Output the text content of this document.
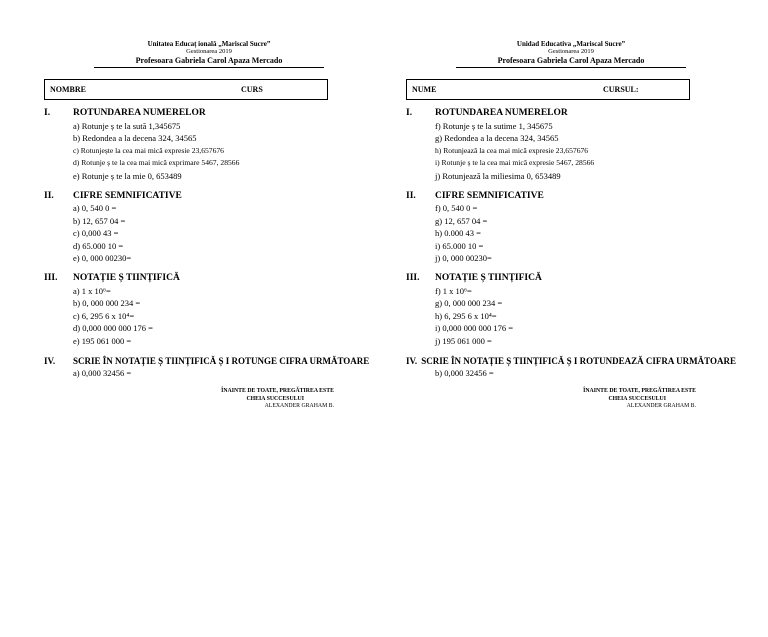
Unitatea Educaț ională „Mariscal Sucre”
Gestionarea 2019
Profesoara Gabriela Carol Apaza Mercado
NOMBRE	CURS
I.	ROTUNDAREA NUMERELOR
a) Rotunje ș te la sută 1,345675
b) Redondea a la decena 324, 34565
c) Rotunjește la cea mai mică expresie 23,657676
d) Rotunje ș te la cea mai mică exprimare 5467, 28566
e) Rotunje ș te la mie 0, 653489
II.	CIFRE SEMNIFICATIVE
a) 0, 540 0 =
b) 12, 657 04 =
c) 0,000 43 =
d) 65.000 10 =
e) 0, 000 00230=
III.	NOTAȚIE Ș TIINȚIFICĂ
a) 1 x 10⁶=
b) 0, 000 000 234 =
c) 6, 295 6 x 10⁴=
d) 0,000 000 000 176 =
e) 195 061 000 =
IV.	SCRIE ÎN NOTAȚIE Ș TIINȚIFICĂ Ș I ROTUNGE CIFRA URMĂTOARE
a) 0,000 32456 =
ÎNAINTE DE TOATE, PREGĂTIREA ESTE
CHEIA SUCCESULUI
ALEXANDER GRAHAM B.
Unidad Educativa „Mariscal Sucre”
Gestionarea 2019
Profesoara Gabriela Carol Apaza Mercado
NUME	CURSUL:
I.	ROTUNDAREA NUMERELOR
f) Rotunje ș te la sutime 1, 345675
g) Redondea a la decena 324, 34565
h) Rotunjează la cea mai mică expresie 23,657676
i) Rotunje ș te la cea mai mică expresie 5467, 28566
j) Rotunjează la miliesima 0, 653489
II.	CIFRE SEMNIFICATIVE
f) 0, 540 0 =
g) 12, 657 04 =
h) 0.000 43 =
i) 65.000 10 =
j) 0, 000 00230=
III.	NOTAȚIE Ș TIINȚIFICĂ
f) 1 x 10⁶=
g) 0, 000 000 234 =
h) 6, 295 6 x 10⁴=
i) 0,000 000 000 176 =
j) 195 061 000 =
IV. SCRIE ÎN NOTAȚIE Ș TIINȚIFICĂ Ș I ROTUNDEAZĂ CIFRA URMĂTOARE
b) 0,000 32456 =
ÎNAINTE DE TOATE, PREGĂTIREA ESTE
CHEIA SUCCESULUI
ALEXANDER GRAHAM B.
